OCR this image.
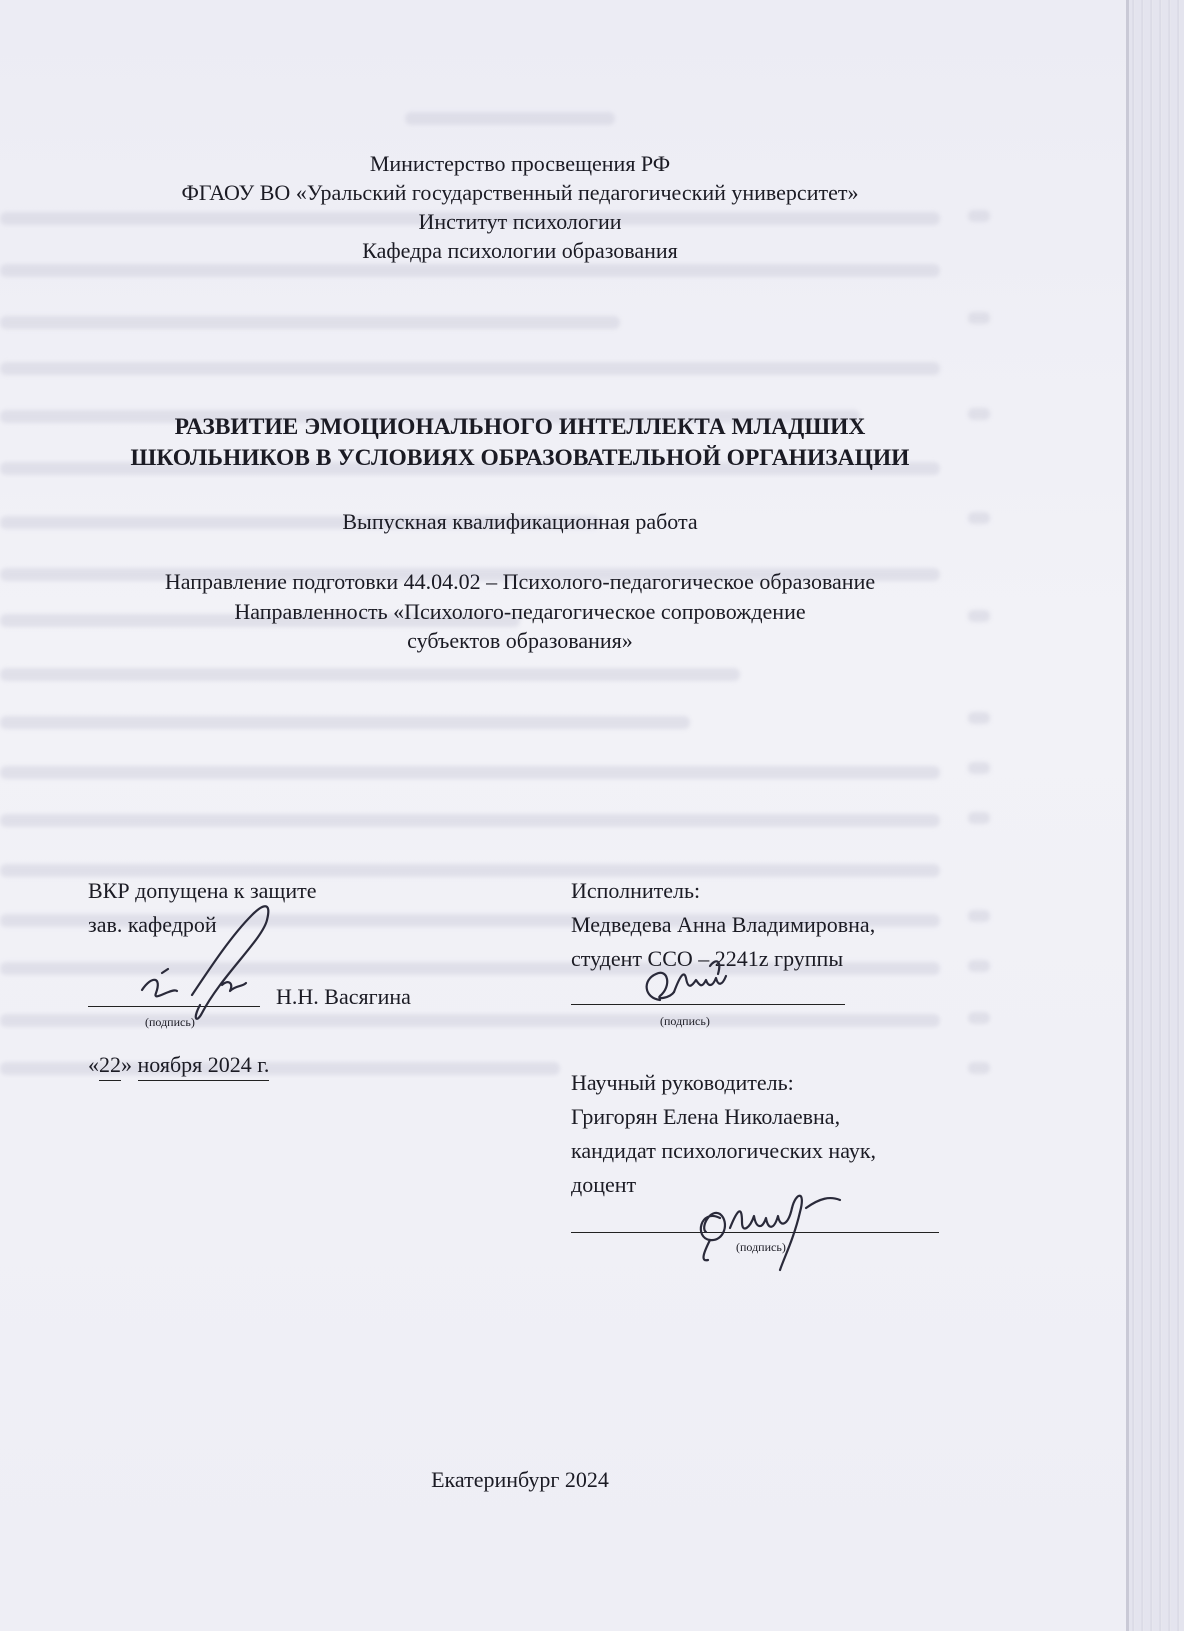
Министерство просвещения РФ
ФГАОУ ВО «Уральский государственный педагогический университет»
Институт психологии
Кафедра психологии образования
РАЗВИТИЕ ЭМОЦИОНАЛЬНОГО ИНТЕЛЛЕКТА МЛАДШИХ
ШКОЛЬНИКОВ В УСЛОВИЯХ ОБРАЗОВАТЕЛЬНОЙ ОРГАНИЗАЦИИ
Выпускная квалификационная работа
Направление подготовки 44.04.02 – Психолого-педагогическое образование
Направленность «Психолого-педагогическое сопровождение
субъектов образования»
ВКР допущена к защите
зав. кафедрой
Н.Н. Васягина
(подпись)
«22» ноября 2024 г.
Исполнитель:
Медведева Анна Владимировна,
студент ССО – 2241z группы
(подпись)
Научный руководитель:
Григорян Елена Николаевна,
кандидат психологических наук,
доцент
(подпись)
Екатеринбург 2024
